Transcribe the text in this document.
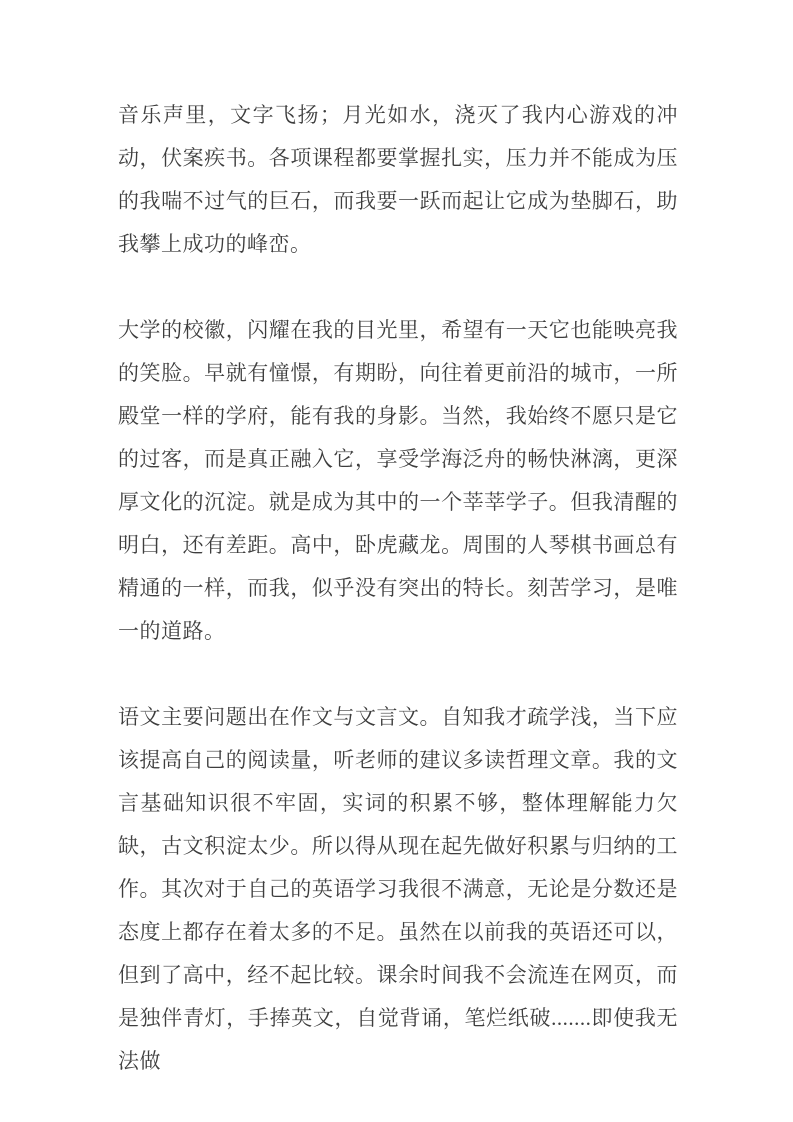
音乐声里，文字飞扬；月光如水，浇灭了我内心游戏的冲动，伏案疾书。各项课程都要掌握扎实，压力并不能成为压的我喘不过气的巨石，而我要一跃而起让它成为垫脚石，助我攀上成功的峰峦。

大学的校徽，闪耀在我的目光里，希望有一天它也能映亮我的笑脸。早就有憧憬，有期盼，向往着更前沿的城市，一所殿堂一样的学府，能有我的身影。当然，我始终不愿只是它的过客，而是真正融入它，享受学海泛舟的畅快淋漓，更深厚文化的沉淀。就是成为其中的一个莘莘学子。但我清醒的明白，还有差距。高中，卧虎藏龙。周围的人琴棋书画总有精通的一样，而我，似乎没有突出的特长。刻苦学习，是唯一的道路。

语文主要问题出在作文与文言文。自知我才疏学浅，当下应该提高自己的阅读量，听老师的建议多读哲理文章。我的文言基础知识很不牢固，实词的积累不够，整体理解能力欠缺，古文积淀太少。所以得从现在起先做好积累与归纳的工作。其次对于自己的英语学习我很不满意，无论是分数还是态度上都存在着太多的不足。虽然在以前我的英语还可以，但到了高中，经不起比较。课余时间我不会流连在网页，而是独伴青灯，手捧英文，自觉背诵，笔烂纸破.......即使我无法做
